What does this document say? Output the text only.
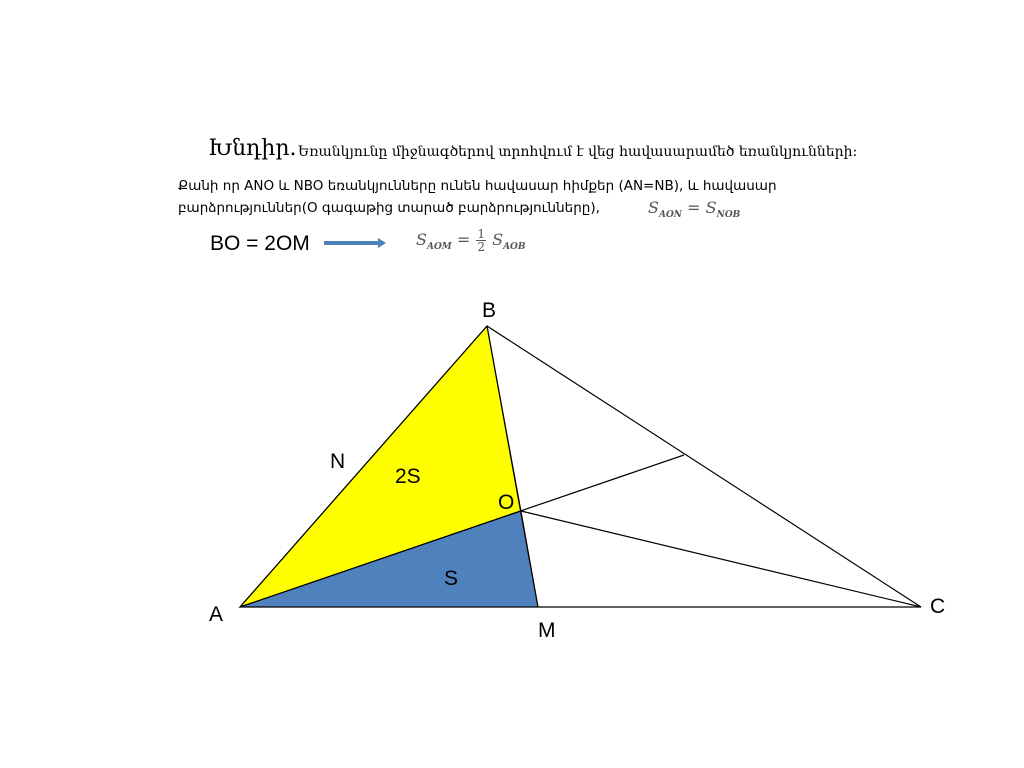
Խնդիր. Եռանկյունը միջնագծերով տրոհվում է վեց հավասարամեծ եռանկյունների:
Քանի որ ANO և NBO եռանկյունները ունեն հավասար հիմքեր (AN=NB), և հավասար
բարձրություններ(O գագաթից տարած բարձրությունները),	$S_{AON} = S_{NOB}$
BO = 2OM	$S_{AOM} = \frac{1}{2} S_{AOB}$
B
N
2S
O
S
A
M
C
